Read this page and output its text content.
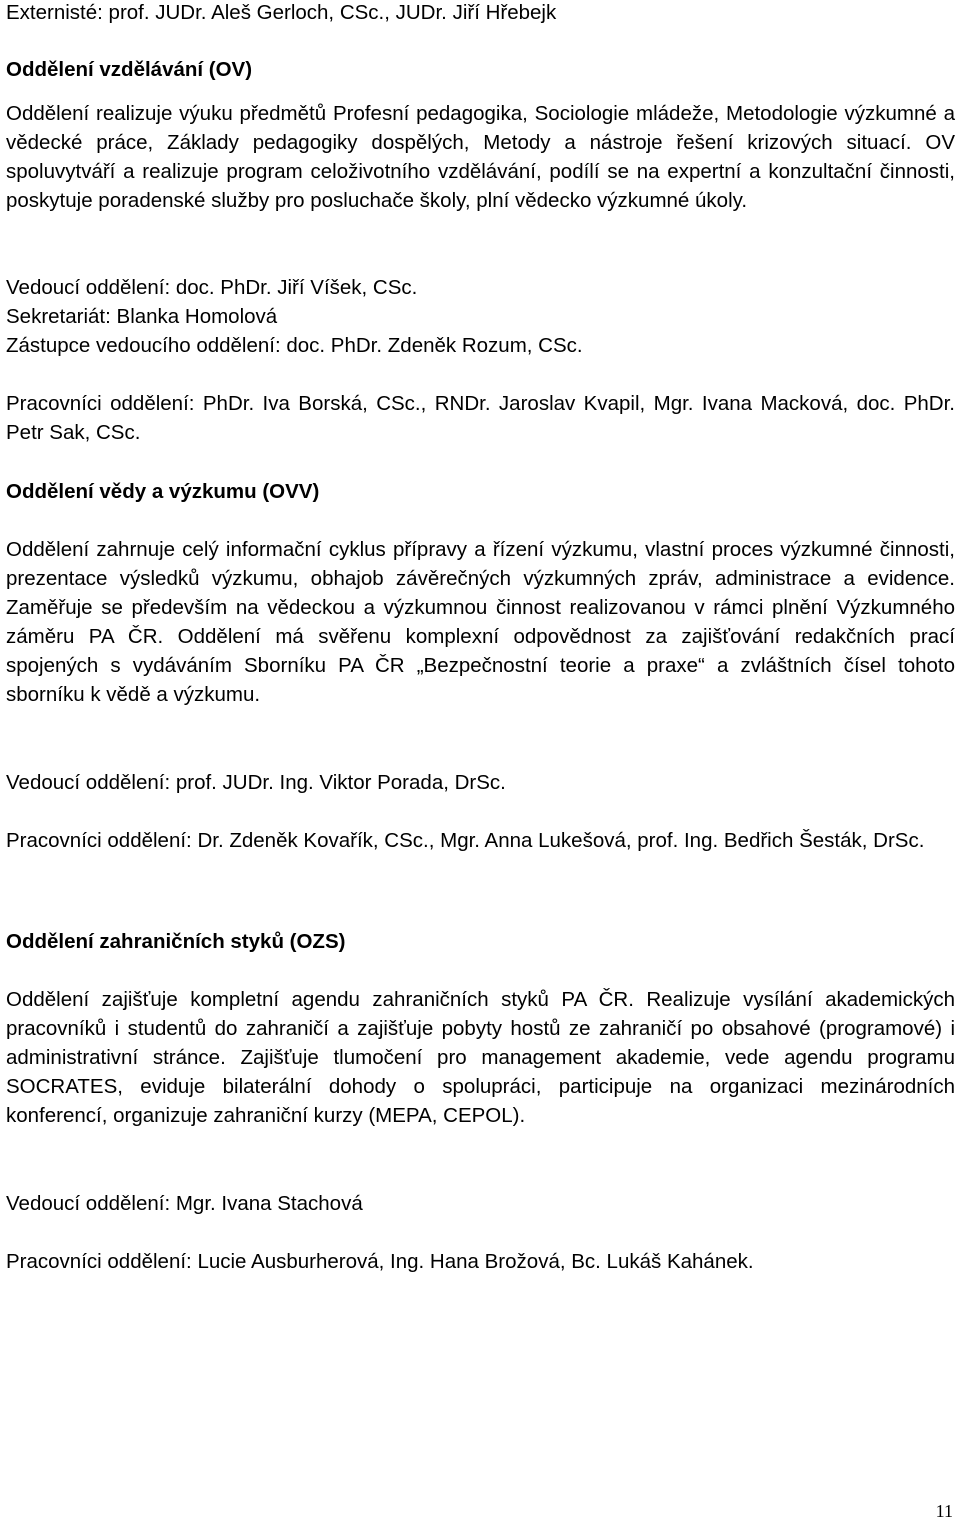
Externisté: prof. JUDr. Aleš Gerloch, CSc., JUDr. Jiří Hřebejk

Oddělení vzdělávání (OV)

Oddělení realizuje výuku předmětů Profesní pedagogika, Sociologie mládeže, Metodologie výzkumné a vědecké práce, Základy pedagogiky dospělých, Metody a nástroje řešení krizových situací. OV spoluvytváří a realizuje program celoživotního vzdělávání, podílí se na expertní a konzultační činnosti, poskytuje poradenské služby pro posluchače školy, plní vědecko výzkumné úkoly.

Vedoucí oddělení: doc. PhDr. Jiří Víšek, CSc.

Sekretariát: Blanka Homolová

Zástupce vedoucího oddělení: doc. PhDr. Zdeněk Rozum, CSc.

Pracovníci oddělení: PhDr. Iva Borská, CSc., RNDr. Jaroslav Kvapil, Mgr. Ivana Macková, doc. PhDr. Petr Sak, CSc.

Oddělení vědy a výzkumu (OVV)

Oddělení zahrnuje celý informační cyklus přípravy a řízení výzkumu, vlastní proces výzkumné činnosti, prezentace výsledků výzkumu, obhajob závěrečných výzkumných zpráv, administrace a evidence. Zaměřuje se především na vědeckou a výzkumnou činnost realizovanou v rámci plnění Výzkumného záměru PA ČR. Oddělení má svěřenu komplexní odpovědnost za zajišťování redakčních prací spojených s vydáváním Sborníku PA ČR „Bezpečnostní teorie a praxe“ a zvláštních čísel tohoto sborníku k vědě a výzkumu.

Vedoucí oddělení: prof. JUDr. Ing. Viktor Porada, DrSc.

Pracovníci oddělení: Dr. Zdeněk Kovařík, CSc., Mgr. Anna Lukešová, prof. Ing. Bedřich Šesták, DrSc.

Oddělení zahraničních styků (OZS)

Oddělení zajišťuje kompletní agendu zahraničních styků PA ČR. Realizuje vysílání akademických pracovníků i studentů do zahraničí a zajišťuje pobyty hostů ze zahraničí po obsahové (programové) i administrativní stránce. Zajišťuje tlumočení pro management akademie, vede agendu programu SOCRATES, eviduje bilaterální dohody o spolupráci, participuje na organizaci mezinárodních konferencí, organizuje zahraniční kurzy (MEPA, CEPOL).

Vedoucí oddělení: Mgr. Ivana Stachová

Pracovníci oddělení: Lucie Ausburherová, Ing. Hana Brožová, Bc. Lukáš Kahánek.

11
